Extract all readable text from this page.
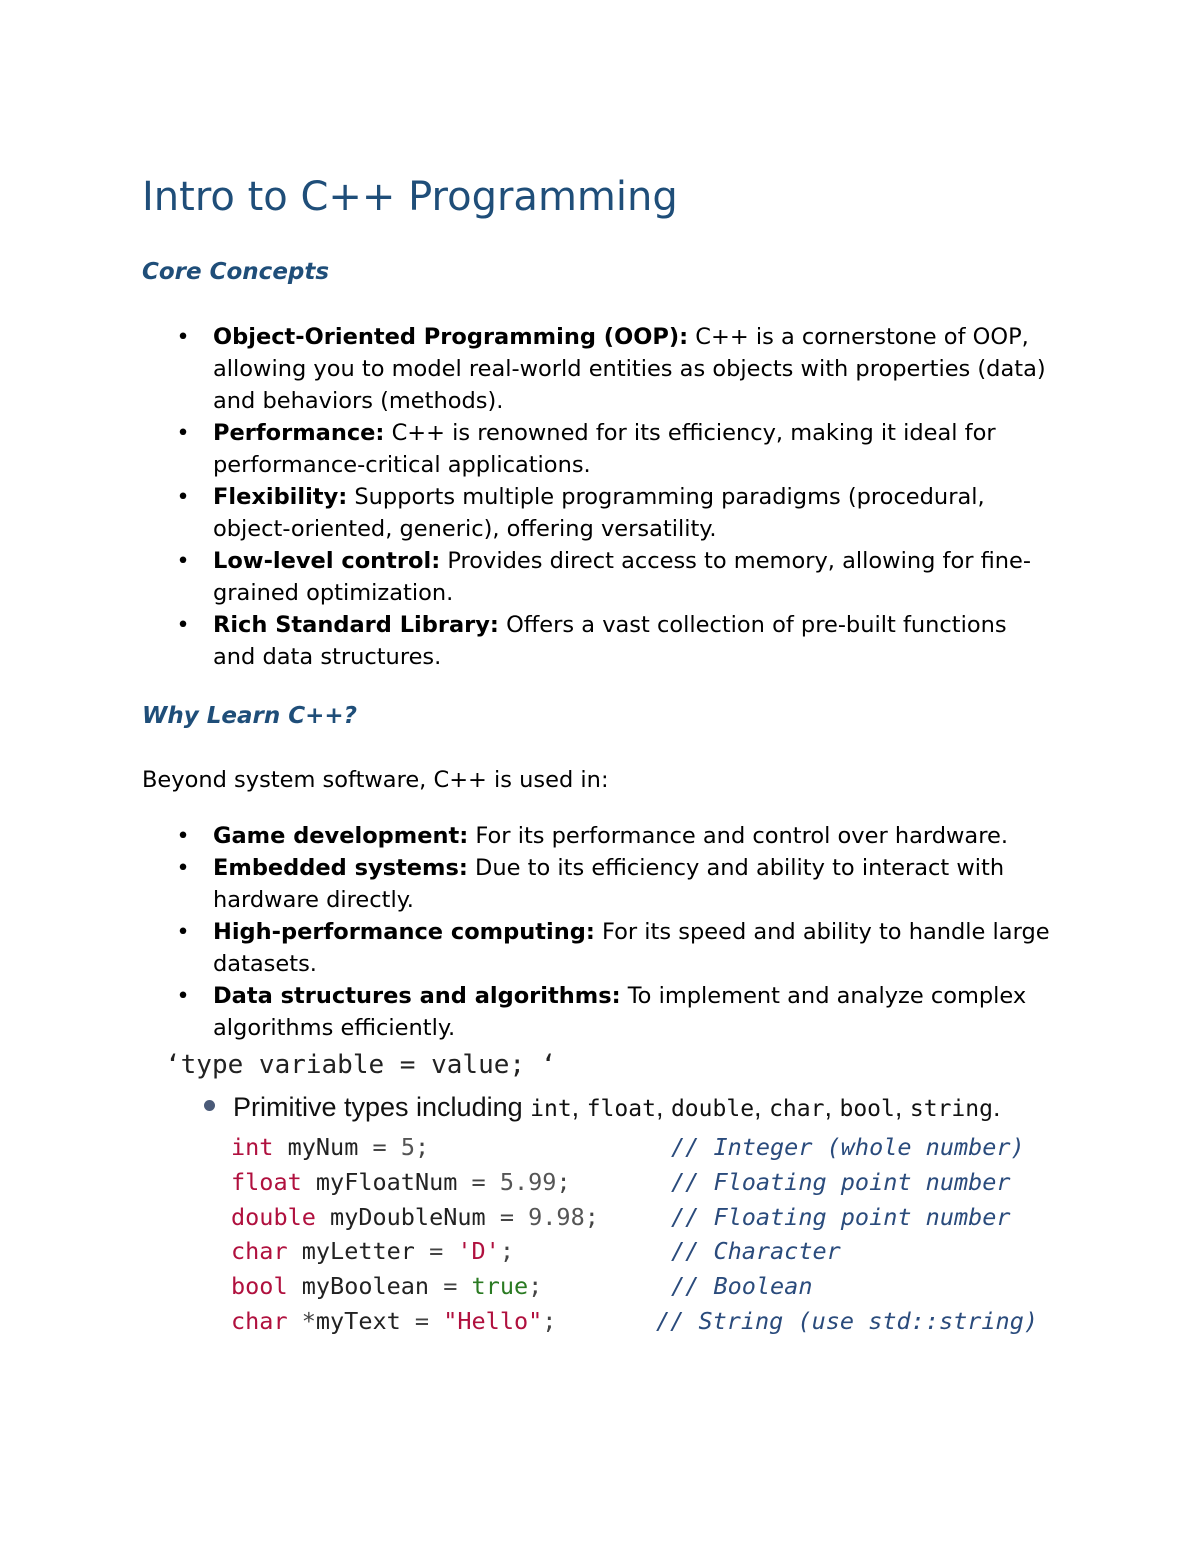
Intro to C++ Programming
Core Concepts
• Object-Oriented Programming (OOP): C++ is a cornerstone of OOP, allowing you to model real-world entities as objects with properties (data) and behaviors (methods).
• Performance: C++ is renowned for its efficiency, making it ideal for performance-critical applications.
• Flexibility: Supports multiple programming paradigms (procedural, object-oriented, generic), offering versatility.
• Low-level control: Provides direct access to memory, allowing for fine-grained optimization.
• Rich Standard Library: Offers a vast collection of pre-built functions and data structures.
Why Learn C++?

Beyond system software, C++ is used in:

• Game development: For its performance and control over hardware.
• Embedded systems: Due to its efficiency and ability to interact with hardware directly.
• High-performance computing: For its speed and ability to handle large datasets.
• Data structures and algorithms: To implement and analyze complex algorithms efficiently.
‘type variable = value; ‘
Primitive types including int, float, double, char, bool, string.
int myNum = 5;	// Integer (whole number)
float myFloatNum = 5.99;	// Floating point number
double myDoubleNum = 9.98;	// Floating point number
char myLetter = 'D';	// Character
bool myBoolean = true;	// Boolean
char *myText = "Hello";	// String (use std::string)
